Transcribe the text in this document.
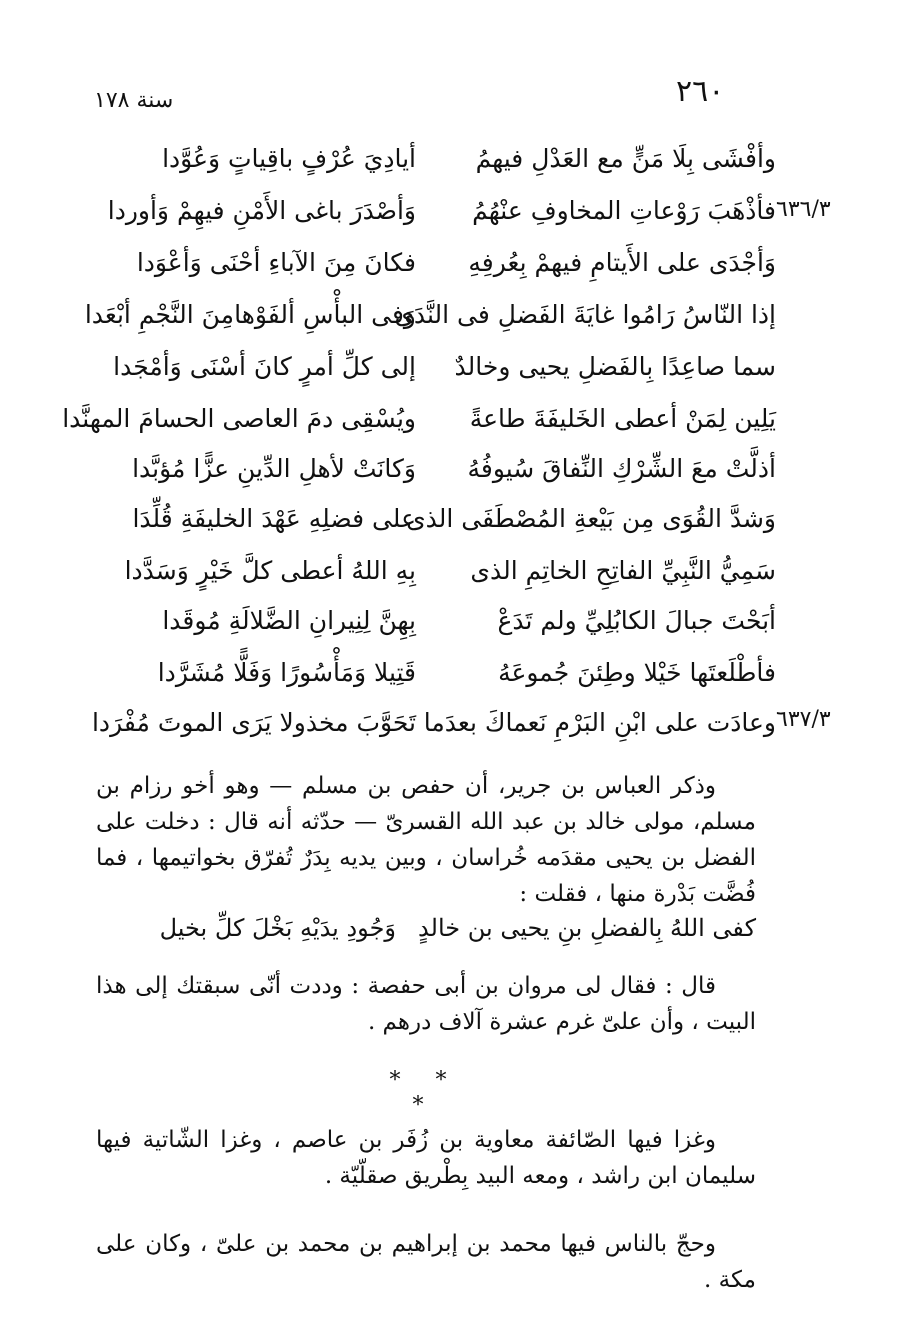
٢٦٠
سنة ١٧٨
وأفْشَى بِلَا مَنٍّ مع العَدْلِ فيهمُ
أيادِيَ عُرْفٍ باقِياتٍ وَعُوَّدا
فأذْهَبَ رَوْعاتِ المخاوفِ عنْهُمُ
وَأصْدَرَ باغى الأَمْنِ فيهِمْ وَأوردا	٦٣٦/٣
وَأجْدَى على الأَيتامِ فيهمْ بِعُرفِهِ
فكانَ مِنَ الآباءِ أحْنَى وَأعْوَدا
إذا النّاسُ رَامُوا غايَةَ الفَضلِ فى النَّدَى
وَفى البأْسِ ألفَوْهامِنَ النَّجْمِ أبْعَدا
سما صاعِدًا بِالفَضلِ يحيى وخالدٌ
إلى كلِّ أمرٍ كانَ أسْنَى وَأمْجَدا
يَلِين لِمَنْ أعطى الخَليفَةَ طاعةً
ويُسْقِى دمَ العاصى الحسامَ المهنَّدا
أذلَّتْ معَ الشِّرْكِ النِّفاقَ سُيوفُهُ
وَكانَتْ لأهلِ الدِّينِ عزًّا مُؤبَّدا
وَشدَّ القُوَى مِن بَيْعةِ المُصْطَفَى الذى
على فضلِهِ عَهْدَ الخليفَةِ قُلِّدَا
سَمِيُّ النَّبِيِّ الفاتِحِ الخاتِمِ الذى
بِهِ اللهُ أعطى كلَّ خَيْرٍ وَسَدَّدا
أبَحْتَ جبالَ الكابُلِيِّ ولم تَدَعْ
بِهِنَّ لِنِيرانِ الضَّلالَةِ مُوقَدا
فأطْلَعتَها خَيْلا وطِئنَ جُموعَهُ
قَتِيلا وَمَأْسُورًا وَفَلًّا مُشَرَّدا
وعادَت على ابْنِ البَرْمِ نَعماكَ بعدَما
تَحَوَّبَ مخذولا يَرَى الموتَ مُفْرَدا	٦٣٧/٣
وذكر العباس بن جرير، أن حفص بن مسلم — وهو أخو رزام بن مسلم، مولى خالد بن عبد الله القسرىّ — حدّثه أنه قال : دخلت على الفضل بن يحيى مقدَمه خُراسان ، وبين يديه بِدَرٌ تُفرّق بخواتيمها ، فما فُضَّت بَدْرة منها ، فقلت :
كفى اللهُ بِالفضلِ بنِ يحيى بن خالدٍ
وَجُودِ يدَيْهِ بَخْلَ كلِّ بخيل
قال : فقال لى مروان بن أبى حفصة : وددت أنّى سبقتك إلى هذا البيت ، وأن علىّ غرم عشرة آلاف درهم .
* * *
وغزا فيها الصّائفة معاوية بن زُفَر بن عاصم ، وغزا الشّاتية فيها سليمان ابن راشد ، ومعه البيد بِطْريق صقلّيّة .
وحجّ بالناس فيها محمد بن إبراهيم بن محمد بن علىّ ، وكان على مكة .
